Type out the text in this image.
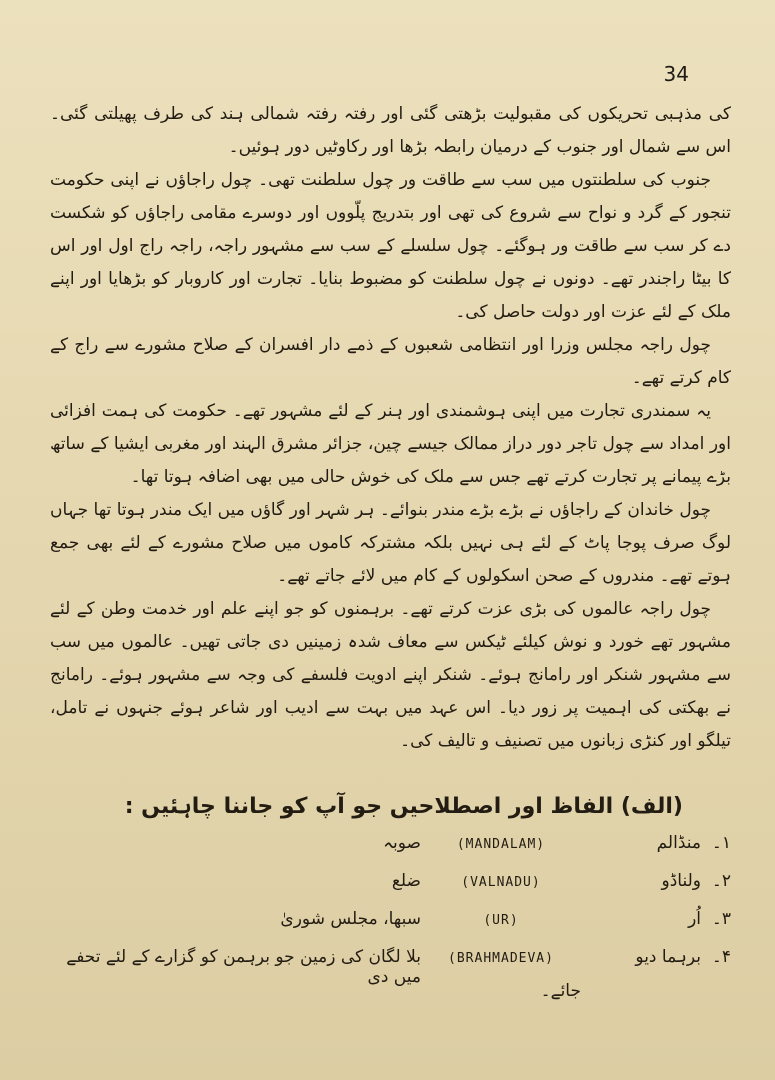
34

کی مذہبی تحریکوں کی مقبولیت بڑھتی گئی اور رفتہ رفتہ شمالی ہند کی طرف پھیلتی گئی۔ اس سے شمال اور جنوب کے درمیان رابطہ بڑھا اور رکاوٹیں دور ہوئیں۔

جنوب کی سلطنتوں میں سب سے طاقت ور چول سلطنت تھی۔ چول راجاؤں نے اپنی حکومت تنجور کے گرد و نواح سے شروع کی تھی اور بتدریج پلّووں اور دوسرے مقامی راجاؤں کو شکست دے کر سب سے طاقت ور ہوگئے۔ چول سلسلے کے سب سے مشہور راجہ، راجہ راج اول اور اس کا بیٹا راجندر تھے۔ دونوں نے چول سلطنت کو مضبوط بنایا۔ تجارت اور کاروبار کو بڑھایا اور اپنے ملک کے لئے عزت اور دولت حاصل کی۔

چول راجہ مجلس وزرا اور انتظامی شعبوں کے ذمے دار افسران کے صلاح مشورے سے راج کے کام کرتے تھے۔

یہ سمندری تجارت میں اپنی ہوشمندی اور ہنر کے لئے مشہور تھے۔ حکومت کی ہمت افزائی اور امداد سے چول تاجر دور دراز ممالک جیسے چین، جزائر مشرق الہند اور مغربی ایشیا کے ساتھ بڑے پیمانے پر تجارت کرتے تھے جس سے ملک کی خوش حالی میں بھی اضافہ ہوتا تھا۔

چول خاندان کے راجاؤں نے بڑے بڑے مندر بنوائے۔ ہر شہر اور گاؤں میں ایک مندر ہوتا تھا جہاں لوگ صرف پوجا پاٹ کے لئے ہی نہیں بلکہ مشترکہ کاموں میں صلاح مشورے کے لئے بھی جمع ہوتے تھے۔ مندروں کے صحن اسکولوں کے کام میں لائے جاتے تھے۔

چول راجہ عالموں کی بڑی عزت کرتے تھے۔ برہمنوں کو جو اپنے علم اور خدمت وطن کے لئے مشہور تھے خورد و نوش کیلئے ٹیکس سے معاف شدہ زمینیں دی جاتی تھیں۔ عالموں میں سب سے مشہور شنکر اور رامانج ہوئے۔ شنکر اپنے ادویت فلسفے کی وجہ سے مشہور ہوئے۔ رامانج نے بھکتی کی اہمیت پر زور دیا۔ اس عہد میں بہت سے ادیب اور شاعر ہوئے جنہوں نے تامل، تیلگو اور کنڑی زبانوں میں تصنیف و تالیف کی۔

(الف) الفاظ اور اصطلاحیں جو آپ کو جاننا چاہئیں :
۱۔
منڈالم
(MANDALAM)
صوبہ
۲۔
ولناڈو
(VALNADU)
ضلع
۳۔
اُر
(UR)
سبھا، مجلس شوریٰ
۴۔
برہما دیو
(BRAHMADEVA)
بلا لگان کی زمین جو برہمن کو گزارے کے لئے تحفے میں دی
جائے۔
